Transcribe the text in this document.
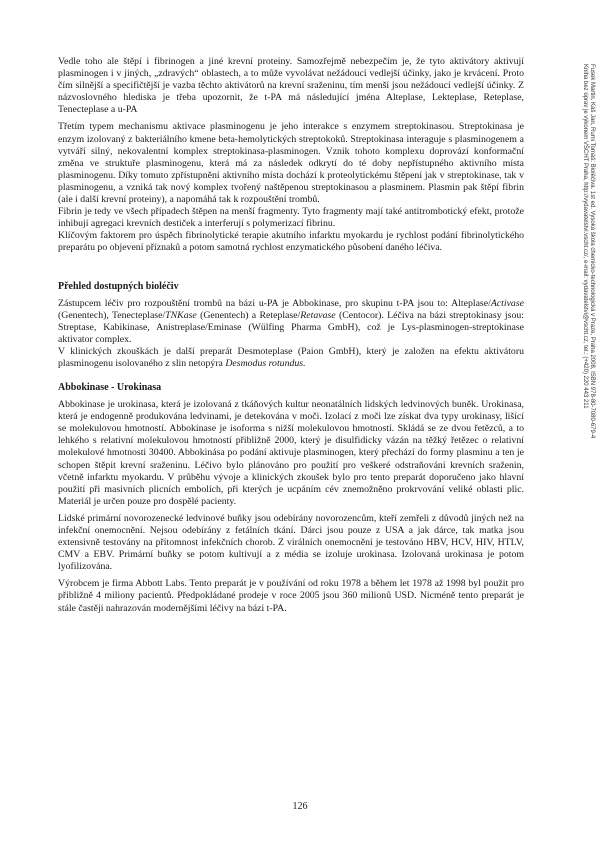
Fusek Martin, Káš Jan, Rumi Tomáš: Bioléčiva. 1st ed. Vysoká škola chemicko-technologická v Praze, Praha 2008, ISBN 978-80-7080-679-4
Kniha bez úprav je výkonem VŠCHT Praha, http://vydavatelstvi.vscht.cz/, e-mail: vydavatelstvi@vscht.cz, tel.: (+420) 220 443 211

Vedle toho ale štěpí i fibrinogen a jiné krevní proteiny. Samozřejmě nebezpečím je, že tyto aktivátory aktivují plasminogen i v jiných, „zdravých“ oblastech, a to může vyvolávat nežádoucí vedlejší účinky, jako je krvácení. Proto čím silnější a specifičtější je vazba těchto aktivátorů na krevní sraženinu, tím menší jsou nežádoucí vedlejší účinky. Z názvoslovného hlediska je třeba upozornit, že t-PA má následující jména Alteplase, Lekteplase, Reteplase, Tenecteplase a u-PA

Třetím typem mechanismu aktivace plasminogenu je jeho interakce s enzymem streptokinasou. Streptokinasa je enzym izolovaný z bakteriálního kmene beta-hemolytických streptokoků. Streptokinasa interaguje s plasminogenem a vytváří silný, nekovalentní komplex streptokinasa-plasminogen. Vznik tohoto komplexu doprovází konformační změna ve struktuře plasminogenu, která má za následek odkrytí do té doby nepřístupného aktivního místa plasminogenu. Díky tomuto zpřístupnění aktivního místa dochází k proteolytickému štěpení jak v streptokinase, tak v plasminogenu, a vzniká tak nový komplex tvořený naštěpenou streptokinasou a plasminem. Plasmin pak štěpí fibrin (ale i další krevní proteiny), a napomáhá tak k rozpouštění trombů.

Fibrin je tedy ve všech případech štěpen na menší fragmenty. Tyto fragmenty mají také antitrombotický efekt, protože inhibují agregaci krevních destiček a interferují s polymerizací fibrinu.

Klíčovým faktorem pro úspěch fibrinolytické terapie akutního infarktu myokardu je rychlost podání fibrinolytického preparátu po objevení příznaků a potom samotná rychlost enzymatického působení daného léčiva.

Přehled dostupných bioléčiv

Zástupcem léčiv pro rozpouštění trombů na bázi u-PA je Abbokinase, pro skupinu t-PA jsou to: Alteplase/Activase (Genentech), Tenecteplase/TNKase (Genentech) a Reteplase/Retavase (Centocor). Léčiva na bázi streptokinasy jsou: Streptase, Kabikinase, Anistreplase/Eminase (Wülfing Pharma GmbH), což je Lys-plasminogen-streptokinase aktivator complex.

V klinických zkouškách je další preparát Desmoteplase (Paion GmbH), který je založen na efektu aktivátoru plasminogenu isolovaného z slin netopýra Desmodus rotundus.

Abbokinase - Urokinasa

Abbokinase je urokinasa, která je izolovaná z tkáňových kultur neonatálních lidských ledvinových buněk. Urokinasa, která je endogenně produkována ledvinami, je detekována v moči. Izolací z moči lze získat dva typy urokinasy, lišící se molekulovou hmotností. Abbokinase je isoforma s nižší molekulovou hmotností. Skládá se ze dvou řetězců, a to lehkého s relativní molekulovou hmotností přibližně 2000, který je disulfidicky vázán na těžký řetězec o relativní molekulové hmotnosti 30400. Abbokinása po podání aktivuje plasminogen, který přechází do formy plasminu a ten je schopen štěpit krevní sraženinu. Léčivo bylo plánováno pro použití pro veškeré odstraňování krevních sraženin, včetně infarktu myokardu. V průběhu vývoje a klinických zkoušek bylo pro tento preparát doporučeno jako hlavní použití při masivních plicních embolích, při kterých je ucpáním cév znemožněno prokrvování veliké oblasti plic. Materiál je určen pouze pro dospělé pacienty.

Lidské primární novorozenecké ledvinové buňky jsou odebírány novorozencům, kteří zemřeli z důvodů jiných než na infekční onemocnění. Nejsou odebírány z fetálních tkání. Dárci jsou pouze z USA a jak dárce, tak matka jsou extensivně testovány na přítomnost infekčních chorob. Z virálních onemocnění je testováno HBV, HCV, HIV, HTLV, CMV a EBV. Primární buňky se potom kultivují a z média se izoluje urokinasa. Izolovaná urokinasa je potom lyofilizována.

Výrobcem je firma Abbott Labs. Tento preparát je v používání od roku 1978 a během let 1978 až 1998 byl použit pro přibližně 4 miliony pacientů. Předpokládané prodeje v roce 2005 jsou 360 milionů USD. Nicméně tento preparát je stále častěji nahrazován modernějšími léčivy na bázi t-PA.

126
